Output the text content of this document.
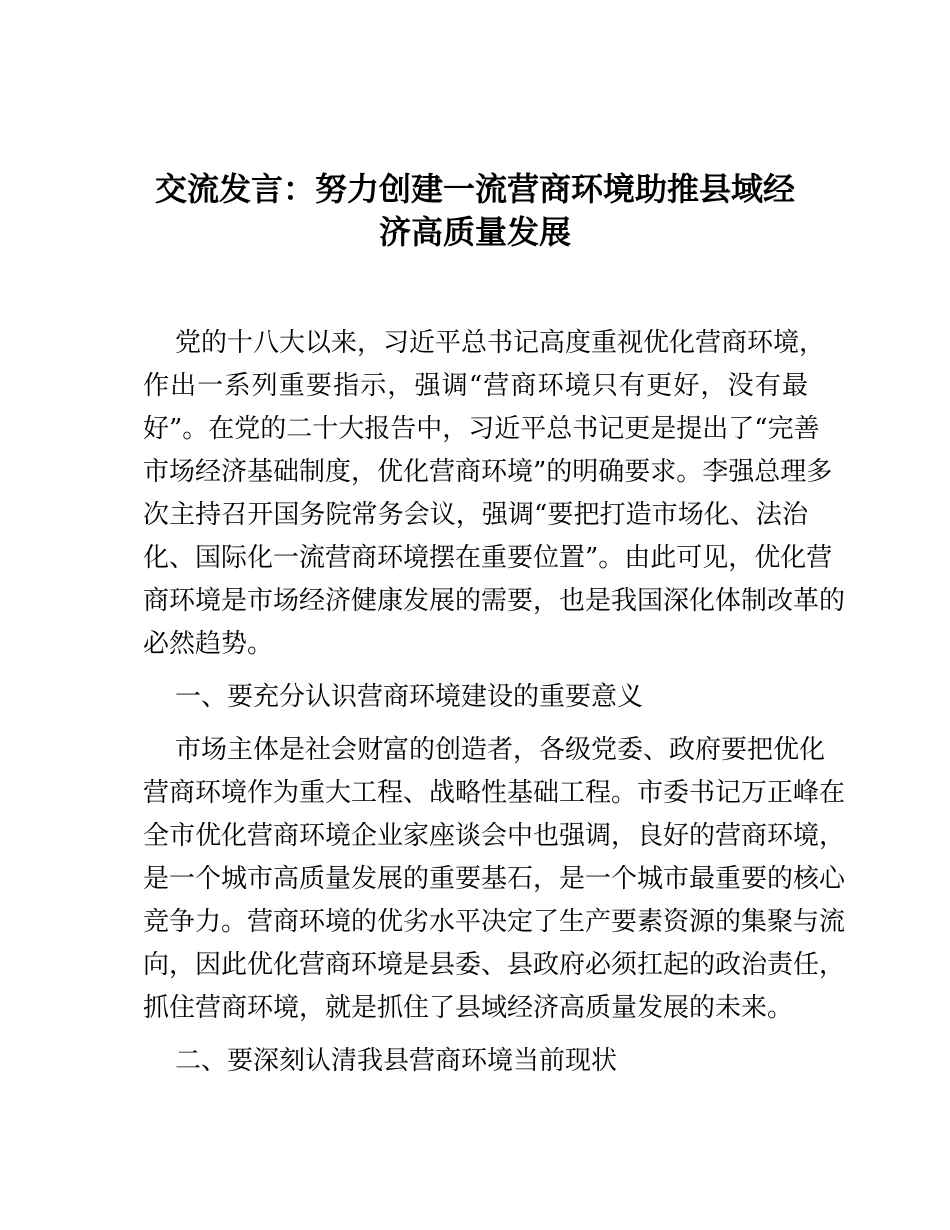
交流发言：努力创建一流营商环境助推县域经
济高质量发展
党的十八大以来，习近平总书记高度重视优化营商环境，
作出一系列重要指示，强调“营商环境只有更好，没有最
好”。在党的二十大报告中，习近平总书记更是提出了“完善
市场经济基础制度，优化营商环境”的明确要求。李强总理多
次主持召开国务院常务会议，强调“要把打造市场化、法治
化、国际化一流营商环境摆在重要位置”。由此可见，优化营
商环境是市场经济健康发展的需要，也是我国深化体制改革的
必然趋势。
一、要充分认识营商环境建设的重要意义
市场主体是社会财富的创造者，各级党委、政府要把优化
营商环境作为重大工程、战略性基础工程。市委书记万正峰在
全市优化营商环境企业家座谈会中也强调，良好的营商环境，
是一个城市高质量发展的重要基石，是一个城市最重要的核心
竞争力。营商环境的优劣水平决定了生产要素资源的集聚与流
向，因此优化营商环境是县委、县政府必须扛起的政治责任，
抓住营商环境，就是抓住了县域经济高质量发展的未来。
二、要深刻认清我县营商环境当前现状
